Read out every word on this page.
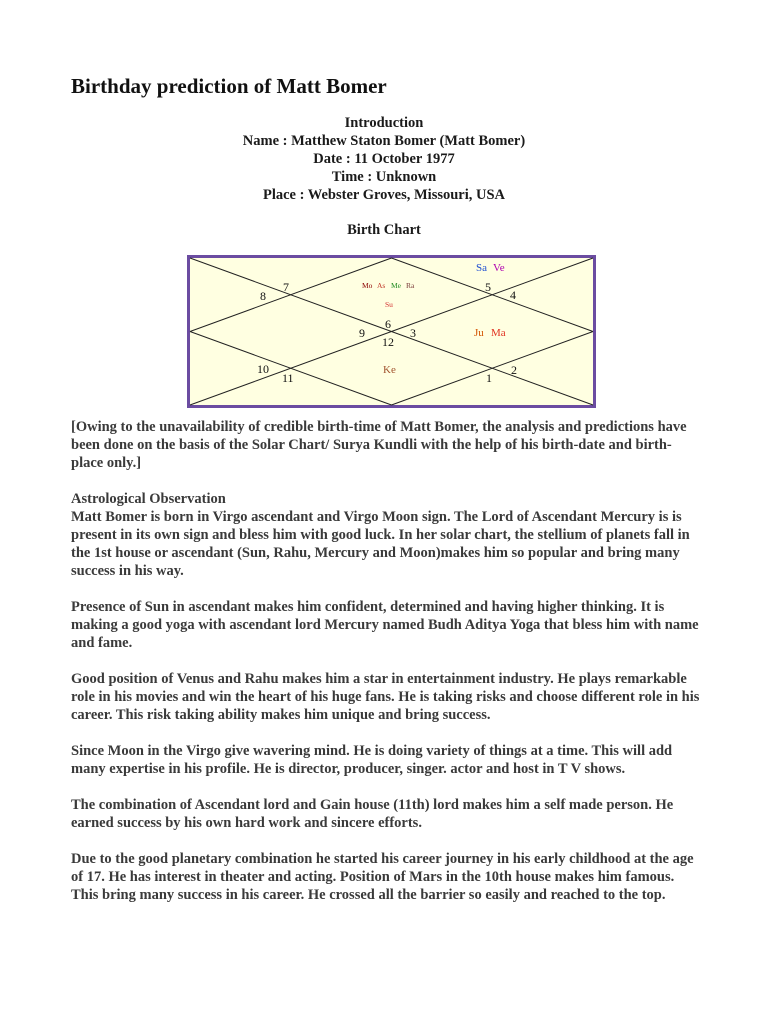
Birthday prediction of Matt Bomer
Introduction
Name : Matthew Staton Bomer (Matt Bomer)
Date : 11 October 1977
Time : Unknown
Place : Webster Groves, Missouri, USA
Birth Chart
7
8
5
4
6
9	3
12
10
11	1
2
Mo As Me Ra
Su
Sa Ve
Ju Ma
Ke

[Owing to the unavailability of credible birth-time of Matt Bomer, the analysis and predictions have been done on the basis of the Solar Chart/ Surya Kundli with the help of his birth-date and birth-place only.]

Astrological Observation
Matt Bomer is born in Virgo ascendant and Virgo Moon sign. The Lord of Ascendant Mercury is is present in its own sign and bless him with good luck. In her solar chart, the stellium of planets fall in the 1st house or ascendant (Sun, Rahu, Mercury and Moon)makes him so popular and bring many success in his way.

Presence of Sun in ascendant makes him confident, determined and having higher thinking. It is making a good yoga with ascendant lord Mercury named Budh Aditya Yoga that bless him with name and fame.

Good position of Venus and Rahu makes him a star in entertainment industry. He plays remarkable role in his movies and win the heart of his huge fans. He is taking risks and choose different role in his career. This risk taking ability makes him unique and bring success.

Since Moon in the Virgo give wavering mind. He is doing variety of things at a time. This will add many expertise in his profile. He is director, producer, singer. actor and host in T V shows.

The combination of Ascendant lord and Gain house (11th) lord makes him a self made person. He earned success by his own hard work and sincere efforts.

Due to the good planetary combination he started his career journey in his early childhood at the age of 17. He has interest in theater and acting. Position of Mars in the 10th house makes him famous. This bring many success in his career. He crossed all the barrier so easily and reached to the top.
